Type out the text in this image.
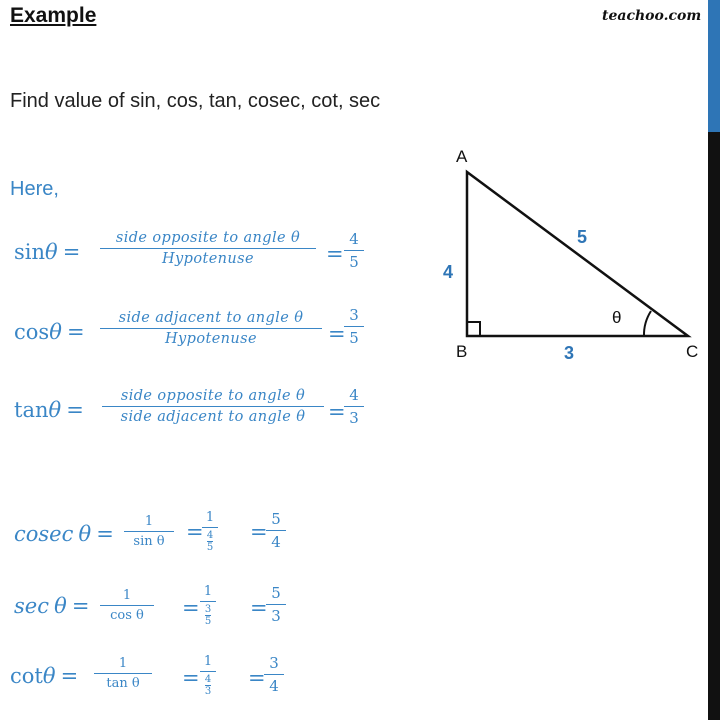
Example	teachoo.com
Find value of sin, cos, tan, cosec, cot, sec
Here,
sinθ =
side opposite to angle θ
Hypotenuse	= $\frac{4}{5}$
cosθ =
side adjacent to angle θ
Hypotenuse	=
$\frac{3}{5}$
tanθ =
side opposite to angle θ
side adjacent to angle θ	=
$\frac{4}{3}$
cosec $\theta = \frac{1}{\text{sin θ}}$ =
$\frac{1}{\frac{4}{5}}$ =
$\frac{5}{4}$
$\sec \theta = \frac{1}{\text{cos θ}} = \frac{1}{\frac{3}{5}}$ =
$\frac{5}{3}$
$\cot\theta = \frac{1}{\text{tan θ}} = \frac{1}{\frac{4}{3}}$ =
$\frac{3}{4}$
A
B	C
4
3
5
θ
